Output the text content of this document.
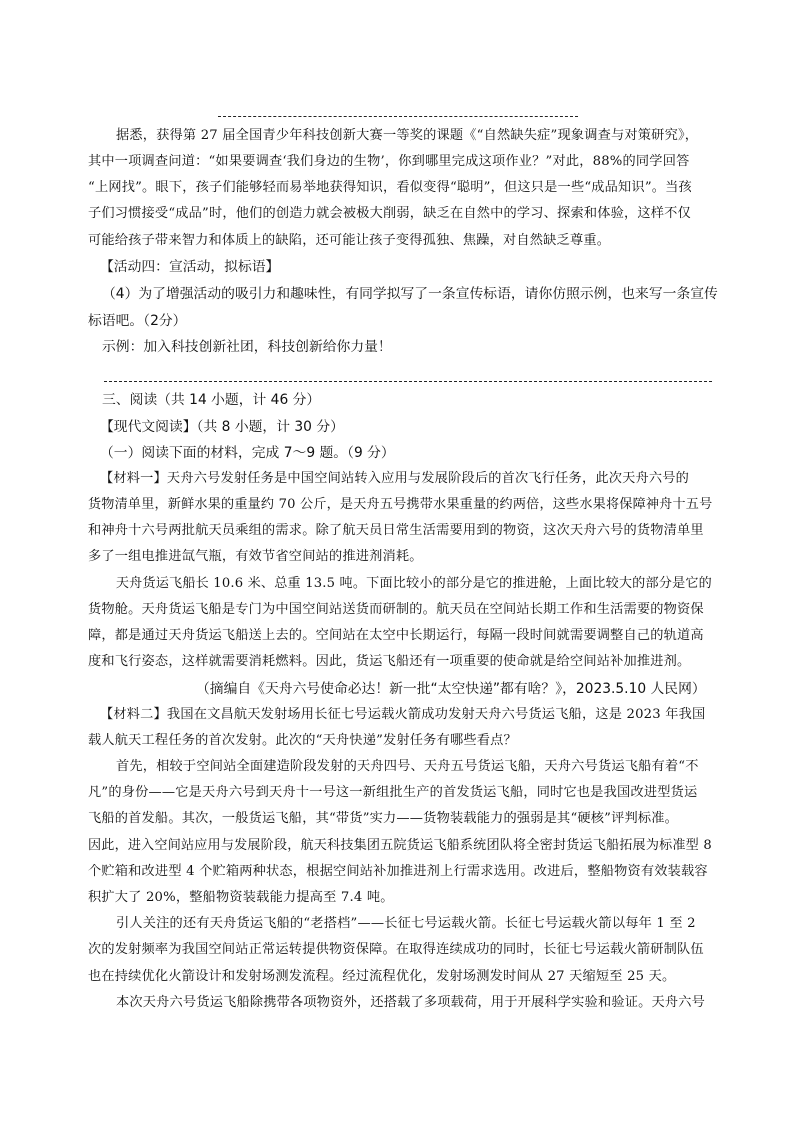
据悉，获得第 27 届全国青少年科技创新大赛一等奖的课题《“自然缺失症”现象调查与对策研究》，
其中一项调查问道：“如果要调查‘我们身边的生物’，你到哪里完成这项作业？”对此，88%的同学回答
“上网找”。眼下，孩子们能够轻而易举地获得知识，看似变得“聪明”，但这只是一些“成品知识”。当孩
子们习惯接受“成品”时，他们的创造力就会被极大削弱，缺乏在自然中的学习、探索和体验，这样不仅
可能给孩子带来智力和体质上的缺陷，还可能让孩子变得孤独、焦躁，对自然缺乏尊重。
【活动四：宣活动，拟标语】
（4）为了增强活动的吸引力和趣味性，有同学拟写了一条宣传标语，请你仿照示例，也来写一条宣传
标语吧。（2分）
示例：加入科技创新社团，科技创新给你力量！
三、阅读（共 14 小题，计 46 分）
【现代文阅读】（共 8 小题，计 30 分）
（一）阅读下面的材料，完成 7～9 题。（9 分）
【材料一】天舟六号发射任务是中国空间站转入应用与发展阶段后的首次飞行任务，此次天舟六号的
货物清单里，新鲜水果的重量约 70 公斤，是天舟五号携带水果重量的约两倍，这些水果将保障神舟十五号
和神舟十六号两批航天员乘组的需求。除了航天员日常生活需要用到的物资，这次天舟六号的货物清单里
多了一组电推进氙气瓶，有效节省空间站的推进剂消耗。
天舟货运飞船长 10.6 米、总重 13.5 吨。下面比较小的部分是它的推进舱，上面比较大的部分是它的
货物舱。天舟货运飞船是专门为中国空间站送货而研制的。航天员在空间站长期工作和生活需要的物资保
障，都是通过天舟货运飞船送上去的。空间站在太空中长期运行，每隔一段时间就需要调整自己的轨道高
度和飞行姿态，这样就需要消耗燃料。因此，货运飞船还有一项重要的使命就是给空间站补加推进剂。
（摘编自《天舟六号使命必达！新一批“太空快递”都有啥？》，2023.5.10 人民网）
【材料二】我国在文昌航天发射场用长征七号运载火箭成功发射天舟六号货运飞船，这是 2023 年我国
载人航天工程任务的首次发射。此次的“天舟快递”发射任务有哪些看点？
首先，相较于空间站全面建造阶段发射的天舟四号、天舟五号货运飞船，天舟六号货运飞船有着“不
凡”的身份——它是天舟六号到天舟十一号这一新组批生产的首发货运飞船，同时它也是我国改进型货运
飞船的首发船。其次，一般货运飞船，其“带货”实力——货物装载能力的强弱是其“硬核”评判标准。
因此，进入空间站应用与发展阶段，航天科技集团五院货运飞船系统团队将全密封货运飞船拓展为标准型 8
个贮箱和改进型 4 个贮箱两种状态，根据空间站补加推进剂上行需求选用。改进后，整船物资有效装载容
积扩大了 20%，整船物资装载能力提高至 7.4 吨。
引人关注的还有天舟货运飞船的“老搭档”——长征七号运载火箭。长征七号运载火箭以每年 1 至 2
次的发射频率为我国空间站正常运转提供物资保障。在取得连续成功的同时，长征七号运载火箭研制队伍
也在持续优化火箭设计和发射场测发流程。经过流程优化，发射场测发时间从 27 天缩短至 25 天。
本次天舟六号货运飞船除携带各项物资外，还搭载了多项载荷，用于开展科学实验和验证。天舟六号
